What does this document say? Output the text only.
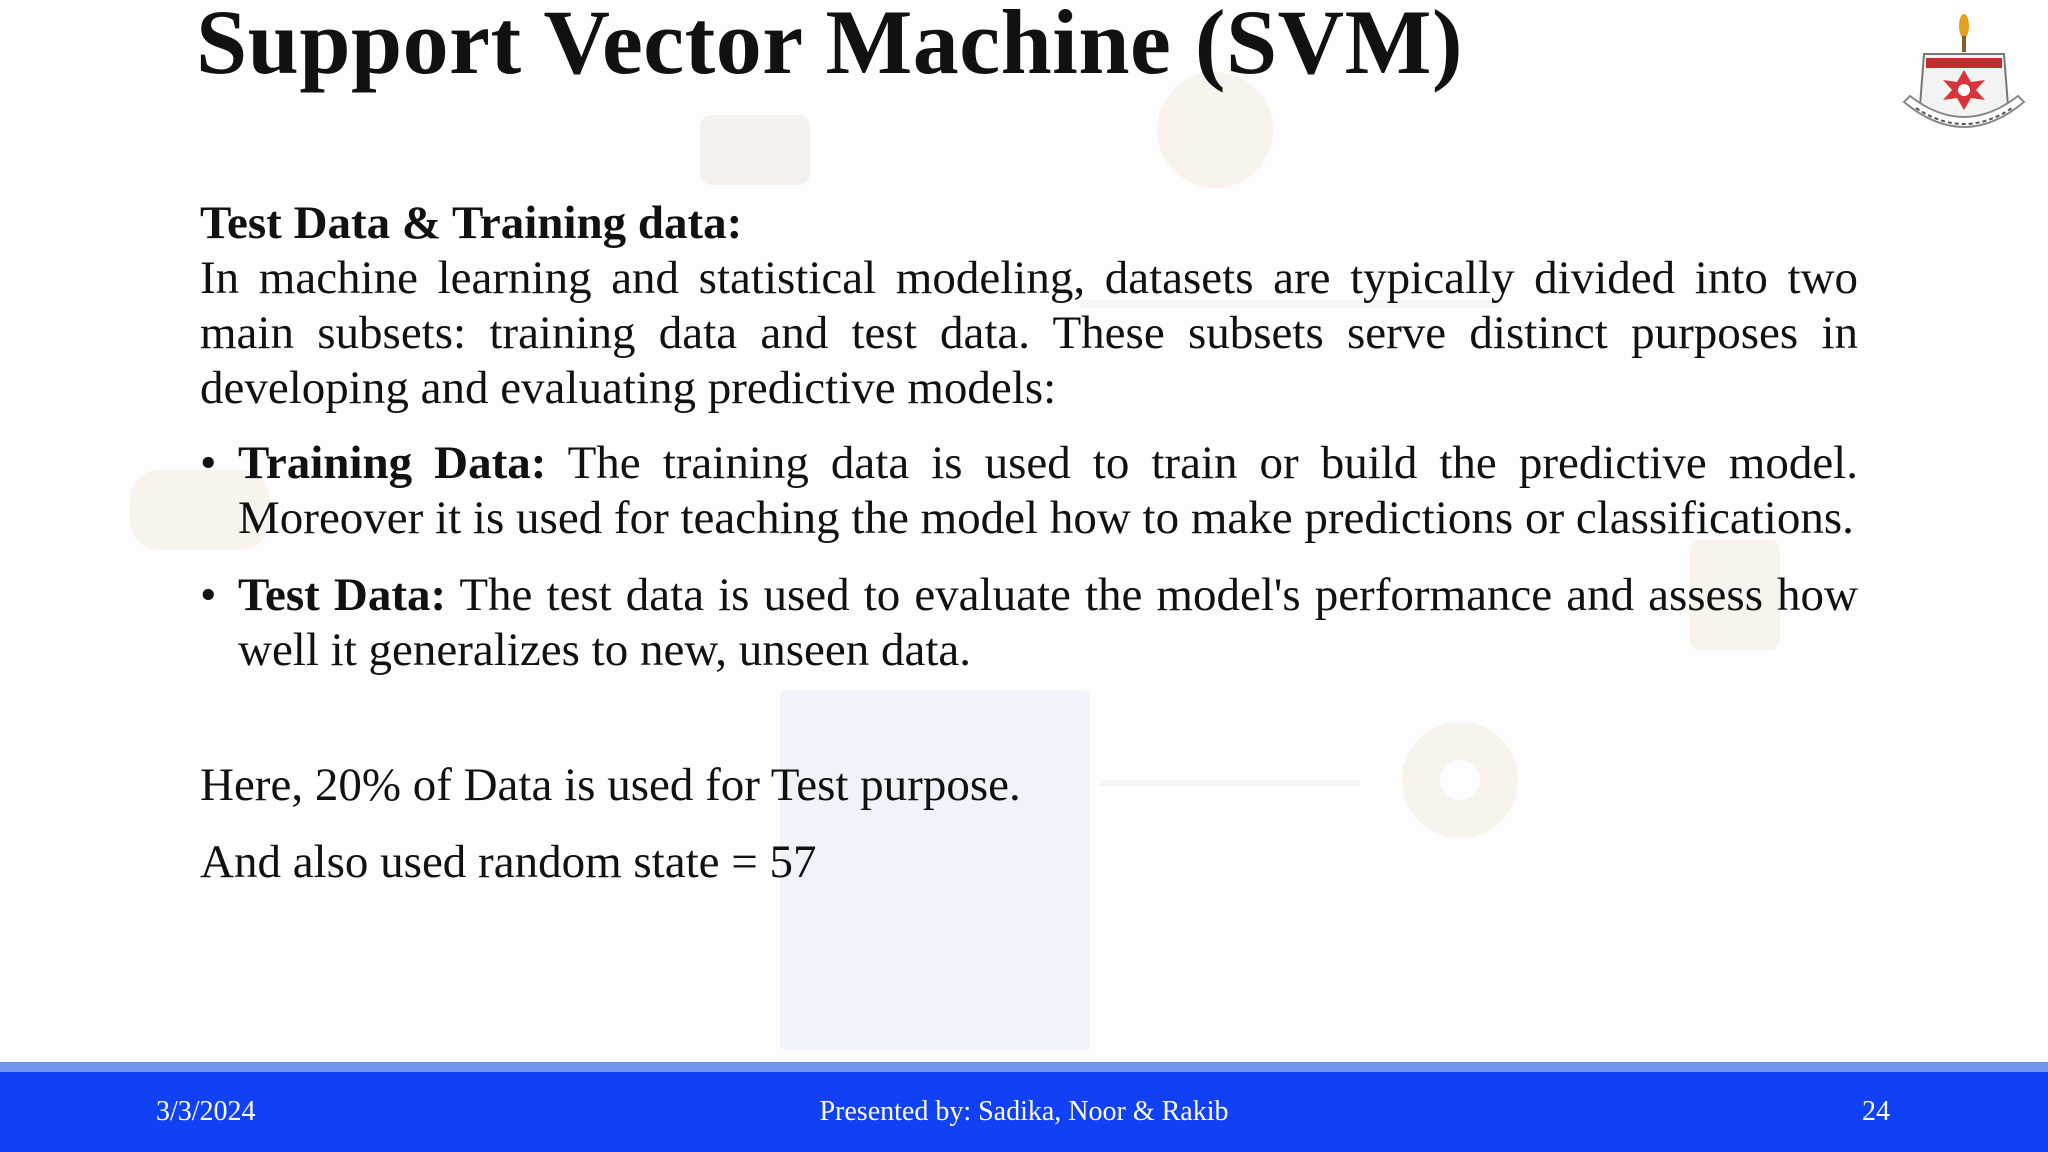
Support Vector Machine (SVM)

Test Data & Training data:

In machine learning and statistical modeling, datasets are typically divided into two main subsets: training data and test data. These subsets serve distinct purposes in developing and evaluating predictive models:

• Training Data: The training data is used to train or build the predictive model. Moreover it is used for teaching the model how to make predictions or classifications.
• Test Data: The test data is used to evaluate the model's performance and assess how well it generalizes to new, unseen data.

Here, 20% of Data is used for Test purpose.

And also used random state = 57

3/3/2024	Presented by: Sadika, Noor & Rakib	24
